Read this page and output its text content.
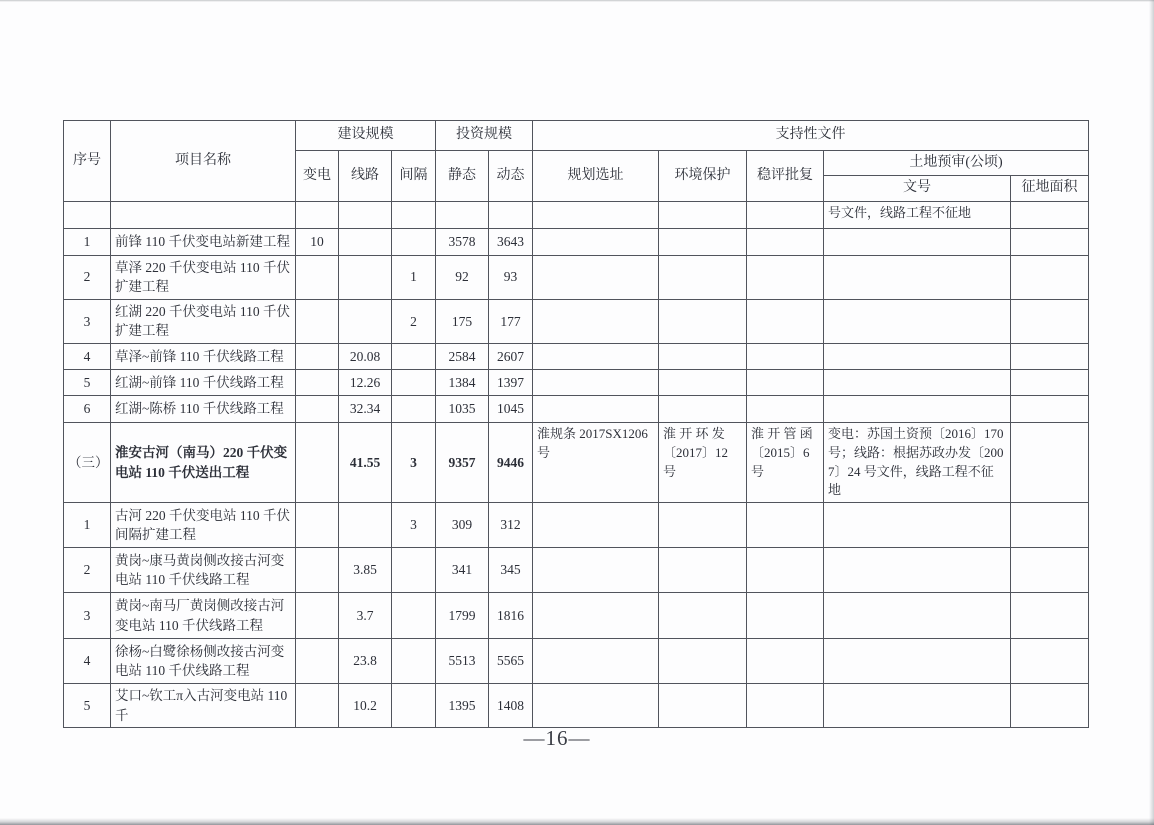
序号	项目名称	建设规模			投资规模		支持性文件				
		变电	线路	间隔	静态	动态	规划选址	环境保护	稳评批复	土地预审(公顷)	
										文号	征地面积
										号文件，线路工程不征地	
1	前锋 110 千伏变电站新建工程	10			3578	3643					
2	草泽 220 千伏变电站 110 千伏扩建工程			1	92	93					
3	红湖 220 千伏变电站 110 千伏扩建工程			2	175	177					
4	草泽~前锋 110 千伏线路工程		20.08		2584	2607					
5	红湖~前锋 110 千伏线路工程		12.26		1384	1397					
6	红湖~陈桥 110 千伏线路工程		32.34		1035	1045					
（三）	淮安古河（南马）220 千伏变电站 110 千伏送出工程		41.55	3	9357	9446	淮规条 2017SX1206 号	淮 开 环 发〔2017〕12 号	淮 开 管 函〔2015〕6 号	变电：苏国土资预〔2016〕170 号；线路：根据苏政办发〔2007〕24 号文件，线路工程不征地	
1	古河 220 千伏变电站 110 千伏间隔扩建工程			3	309	312					
2	黄岗~康马黄岗侧改接古河变电站 110 千伏线路工程		3.85		341	345					
3	黄岗~南马厂黄岗侧改接古河变电站 110 千伏线路工程		3.7		1799	1816					
4	徐杨~白鹭徐杨侧改接古河变电站 110 千伏线路工程		23.8		5513	5565					
5	艾口~钦工π入古河变电站 110 千		10.2		1395	1408					
—16—
